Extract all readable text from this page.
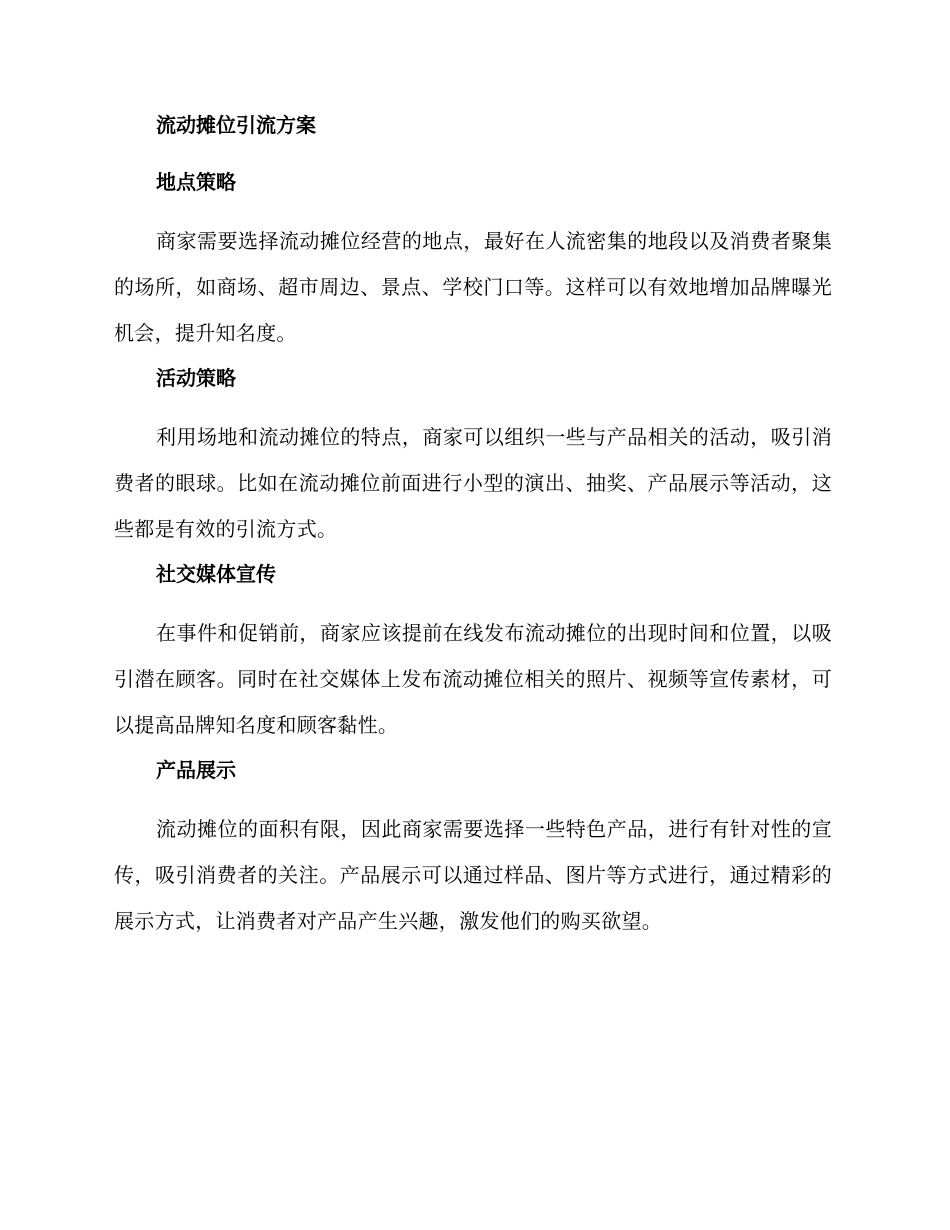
流动摊位引流方案
地点策略

商家需要选择流动摊位经营的地点，最好在人流密集的地段以及消费者聚集的场所，如商场、超市周边、景点、学校门口等。这样可以有效地增加品牌曝光机会，提升知名度。

活动策略

利用场地和流动摊位的特点，商家可以组织一些与产品相关的活动，吸引消费者的眼球。比如在流动摊位前面进行小型的演出、抽奖、产品展示等活动，这些都是有效的引流方式。

社交媒体宣传

在事件和促销前，商家应该提前在线发布流动摊位的出现时间和位置，以吸引潜在顾客。同时在社交媒体上发布流动摊位相关的照片、视频等宣传素材，可以提高品牌知名度和顾客黏性。

产品展示

流动摊位的面积有限，因此商家需要选择一些特色产品，进行有针对性的宣传，吸引消费者的关注。产品展示可以通过样品、图片等方式进行，通过精彩的展示方式，让消费者对产品产生兴趣，激发他们的购买欲望。
